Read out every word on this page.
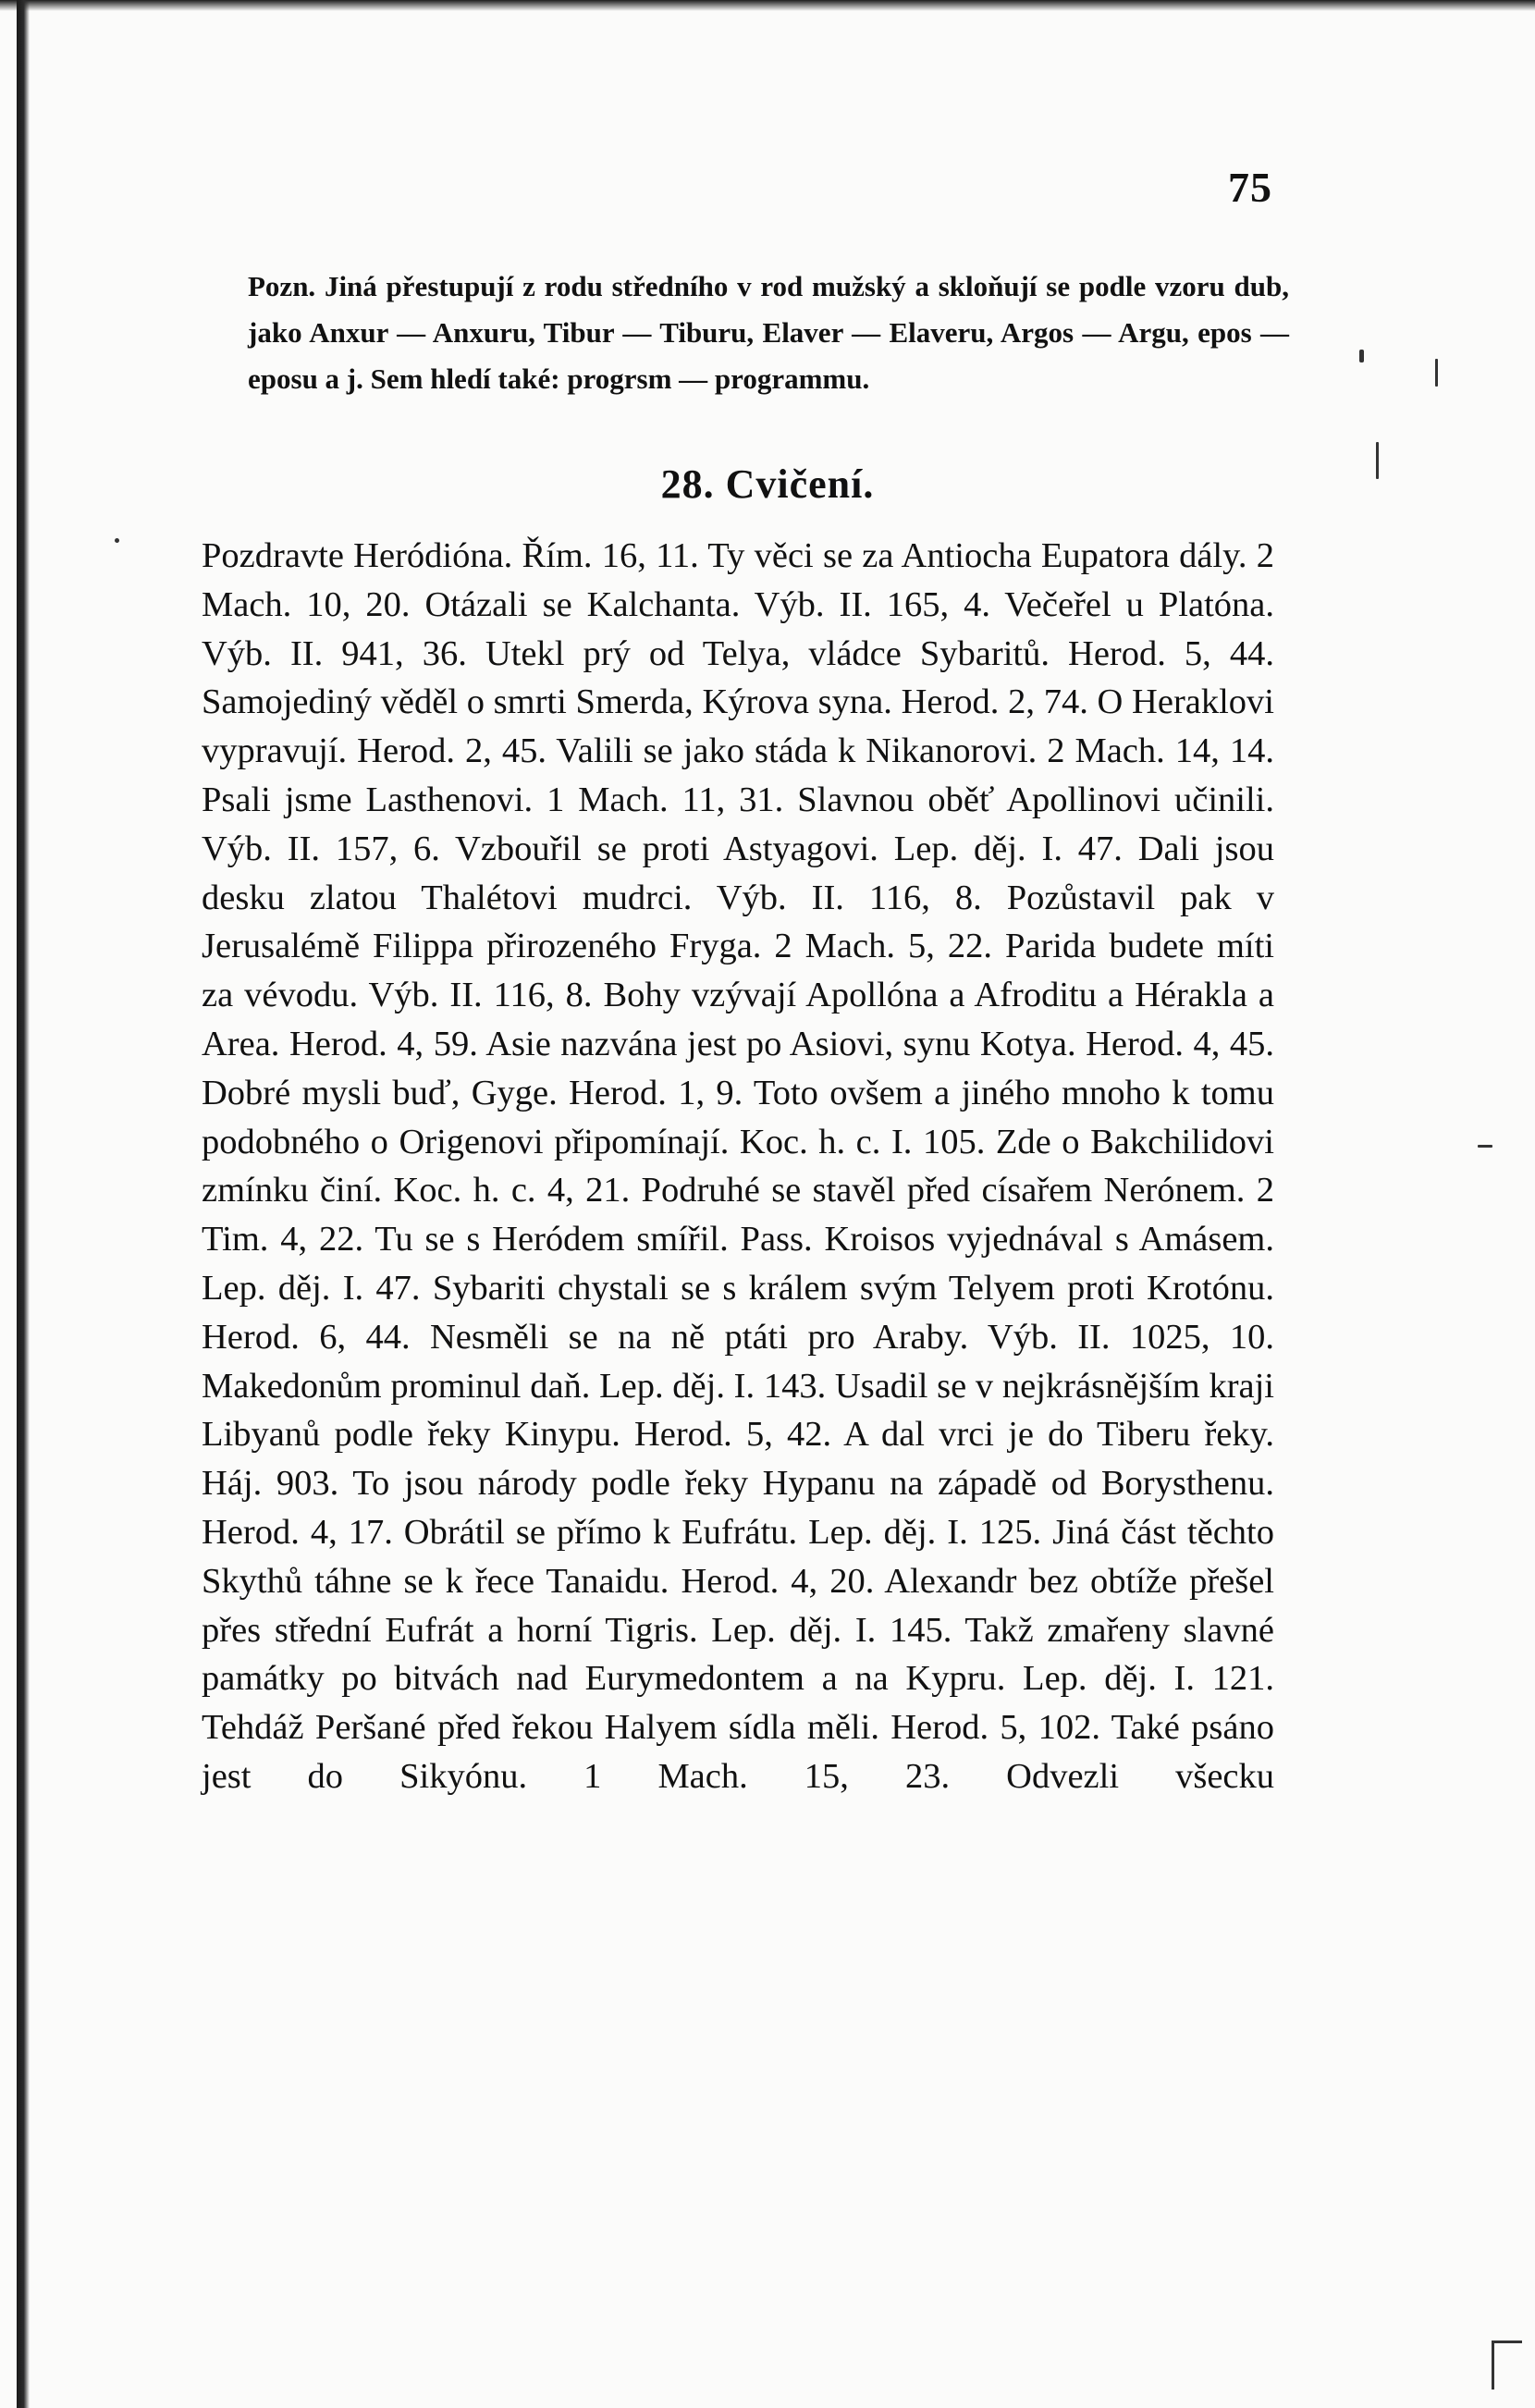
75
Pozn. Jiná přestupují z rodu středního v rod mužský a skloňují se podle vzoru dub, jako Anxur — Anxuru, Tibur — Tiburu, Elaver — Elaveru, Argos — Argu, epos — eposu a j. Sem hledí také: progrsm — programmu.
28. Cvičení.
Pozdravte Heródióna. Řím. 16, 11. Ty věci se za Antiocha Eupatora dály. 2 Mach. 10, 20. Otázali se Kalchanta. Výb. II. 165, 4. Večeřel u Platóna. Výb. II. 941, 36. Utekl prý od Telya, vládce Sybaritů. Herod. 5, 44. Samojediný věděl o smrti Smerda, Kýrova syna. Herod. 2, 74. O Heraklovi vypravují. Herod. 2, 45. Valili se jako stáda k Nikanorovi. 2 Mach. 14, 14. Psali jsme Lasthenovi. 1 Mach. 11, 31. Slavnou oběť Apollinovi učinili. Výb. II. 157, 6. Vzbouřil se proti Astyagovi. Lep. děj. I. 47. Dali jsou desku zlatou Thalétovi mudrci. Výb. II. 116, 8. Pozůstavil pak v Jerusalémě Filippa přirozeného Fryga. 2 Mach. 5, 22. Parida budete míti za vévodu. Výb. II. 116, 8. Bohy vzývají Apollóna a Afroditu a Hérakla a Area. Herod. 4, 59. Asie nazvána jest po Asiovi, synu Kotya. Herod. 4, 45. Dobré mysli buď, Gyge. Herod. 1, 9. Toto ovšem a jiného mnoho k tomu podobného o Origenovi připomínají. Koc. h. c. I. 105. Zde o Bakchilidovi zmínku činí. Koc. h. c. 4, 21. Podruhé se stavěl před císařem Nerónem. 2 Tim. 4, 22. Tu se s Heródem smířil. Pass. Kroisos vyjednával s Amásem. Lep. děj. I. 47. Sybariti chystali se s králem svým Telyem proti Krotónu. Herod. 6, 44. Nesměli se na ně ptáti pro Araby. Výb. II. 1025, 10. Makedonům prominul daň. Lep. děj. I. 143. Usadil se v nejkrásnějším kraji Libyanů podle řeky Kinypu. Herod. 5, 42. A dal vrci je do Tiberu řeky. Háj. 903. To jsou národy podle řeky Hypanu na západě od Borysthenu. Herod. 4, 17. Obrátil se přímo k Eufrátu. Lep. děj. I. 125. Jiná část těchto Skythů táhne se k řece Tanaidu. Herod. 4, 20. Alexandr bez obtíže přešel přes střední Eufrát a horní Tigris. Lep. děj. I. 145. Takž zmařeny slavné památky po bitvách nad Eurymedontem a na Kypru. Lep. děj. I. 121. Tehdáž Peršané před řekou Halyem sídla měli. Herod. 5, 102. Také psáno jest do Sikyónu. 1 Mach. 15, 23. Odvezli všecku
